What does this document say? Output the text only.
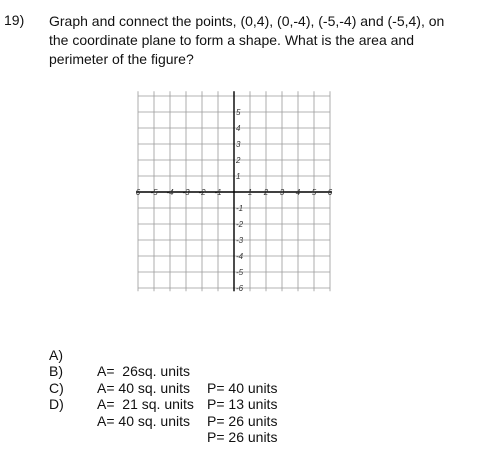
19) Graph and connect the points, (0,4), (0,-4), (-5,-4) and (-5,4), on the coordinate plane to form a shape. What is the area and perimeter of the figure?

6 -5 -4 -3 -2 -1	1 2 3 4 5 6
5
4
3
2
1
-1
-2
-3
-4
-5
-6

A)

A=  26sq. units

P= 40 units

B)

A= 40 sq. units

P= 13 units

C)

A=  21 sq. units

P= 26 units

D)

A= 40 sq. units

P= 26 units
